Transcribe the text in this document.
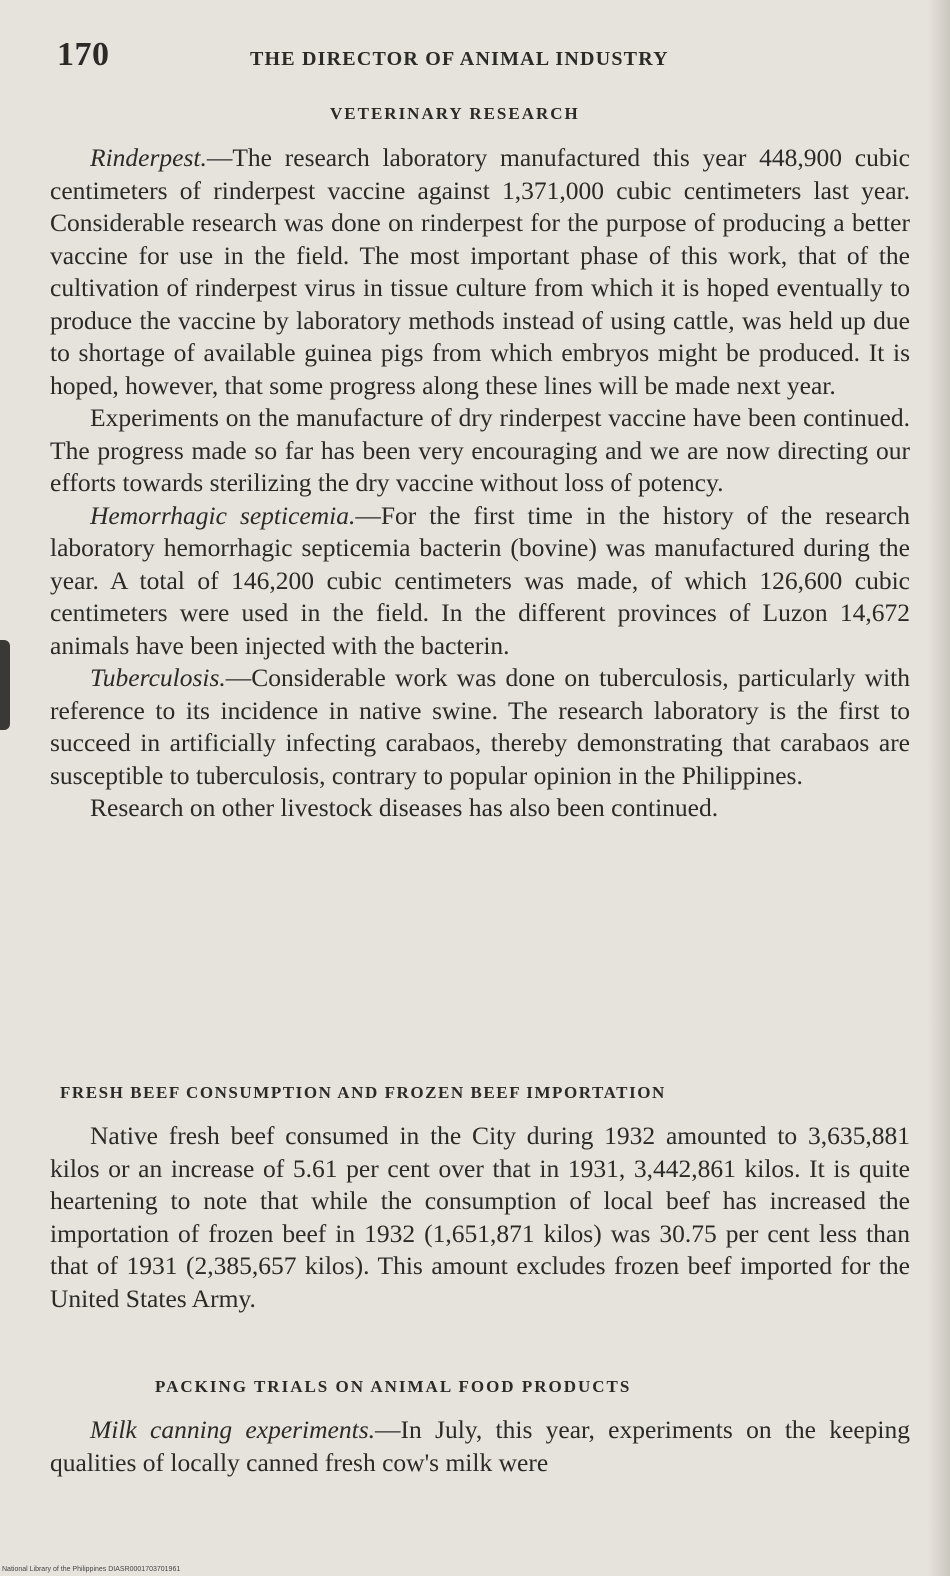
170	THE DIRECTOR OF ANIMAL INDUSTRY
VETERINARY RESEARCH

Rinderpest.—The research laboratory manufactured this year 448,900 cubic centimeters of rinderpest vaccine against 1,371,000 cubic centimeters last year. Considerable research was done on rinderpest for the purpose of producing a better vaccine for use in the field. The most important phase of this work, that of the cultivation of rinderpest virus in tissue culture from which it is hoped eventually to produce the vaccine by laboratory methods instead of using cattle, was held up due to shortage of available guinea pigs from which embryos might be produced. It is hoped, however, that some progress along these lines will be made next year.

Experiments on the manufacture of dry rinderpest vaccine have been continued. The progress made so far has been very encouraging and we are now directing our efforts towards sterilizing the dry vaccine without loss of potency.

Hemorrhagic septicemia.—For the first time in the history of the research laboratory hemorrhagic septicemia bacterin (bovine) was manufactured during the year. A total of 146,200 cubic centimeters was made, of which 126,600 cubic centimeters were used in the field. In the different provinces of Luzon 14,672 animals have been injected with the bacterin.

Tuberculosis.—Considerable work was done on tuberculosis, particularly with reference to its incidence in native swine. The research laboratory is the first to succeed in artificially infecting carabaos, thereby demonstrating that carabaos are susceptible to tuberculosis, contrary to popular opinion in the Philippines.

Research on other livestock diseases has also been continued.

FRESH BEEF CONSUMPTION AND FROZEN BEEF IMPORTATION

Native fresh beef consumed in the City during 1932 amounted to 3,635,881 kilos or an increase of 5.61 per cent over that in 1931, 3,442,861 kilos. It is quite heartening to note that while the consumption of local beef has increased the importation of frozen beef in 1932 (1,651,871 kilos) was 30.75 per cent less than that of 1931 (2,385,657 kilos). This amount excludes frozen beef imported for the United States Army.

PACKING TRIALS ON ANIMAL FOOD PRODUCTS

Milk canning experiments.—In July, this year, experiments on the keeping qualities of locally canned fresh cow's milk were

National Library of the Philippines DIASR0001703701961
